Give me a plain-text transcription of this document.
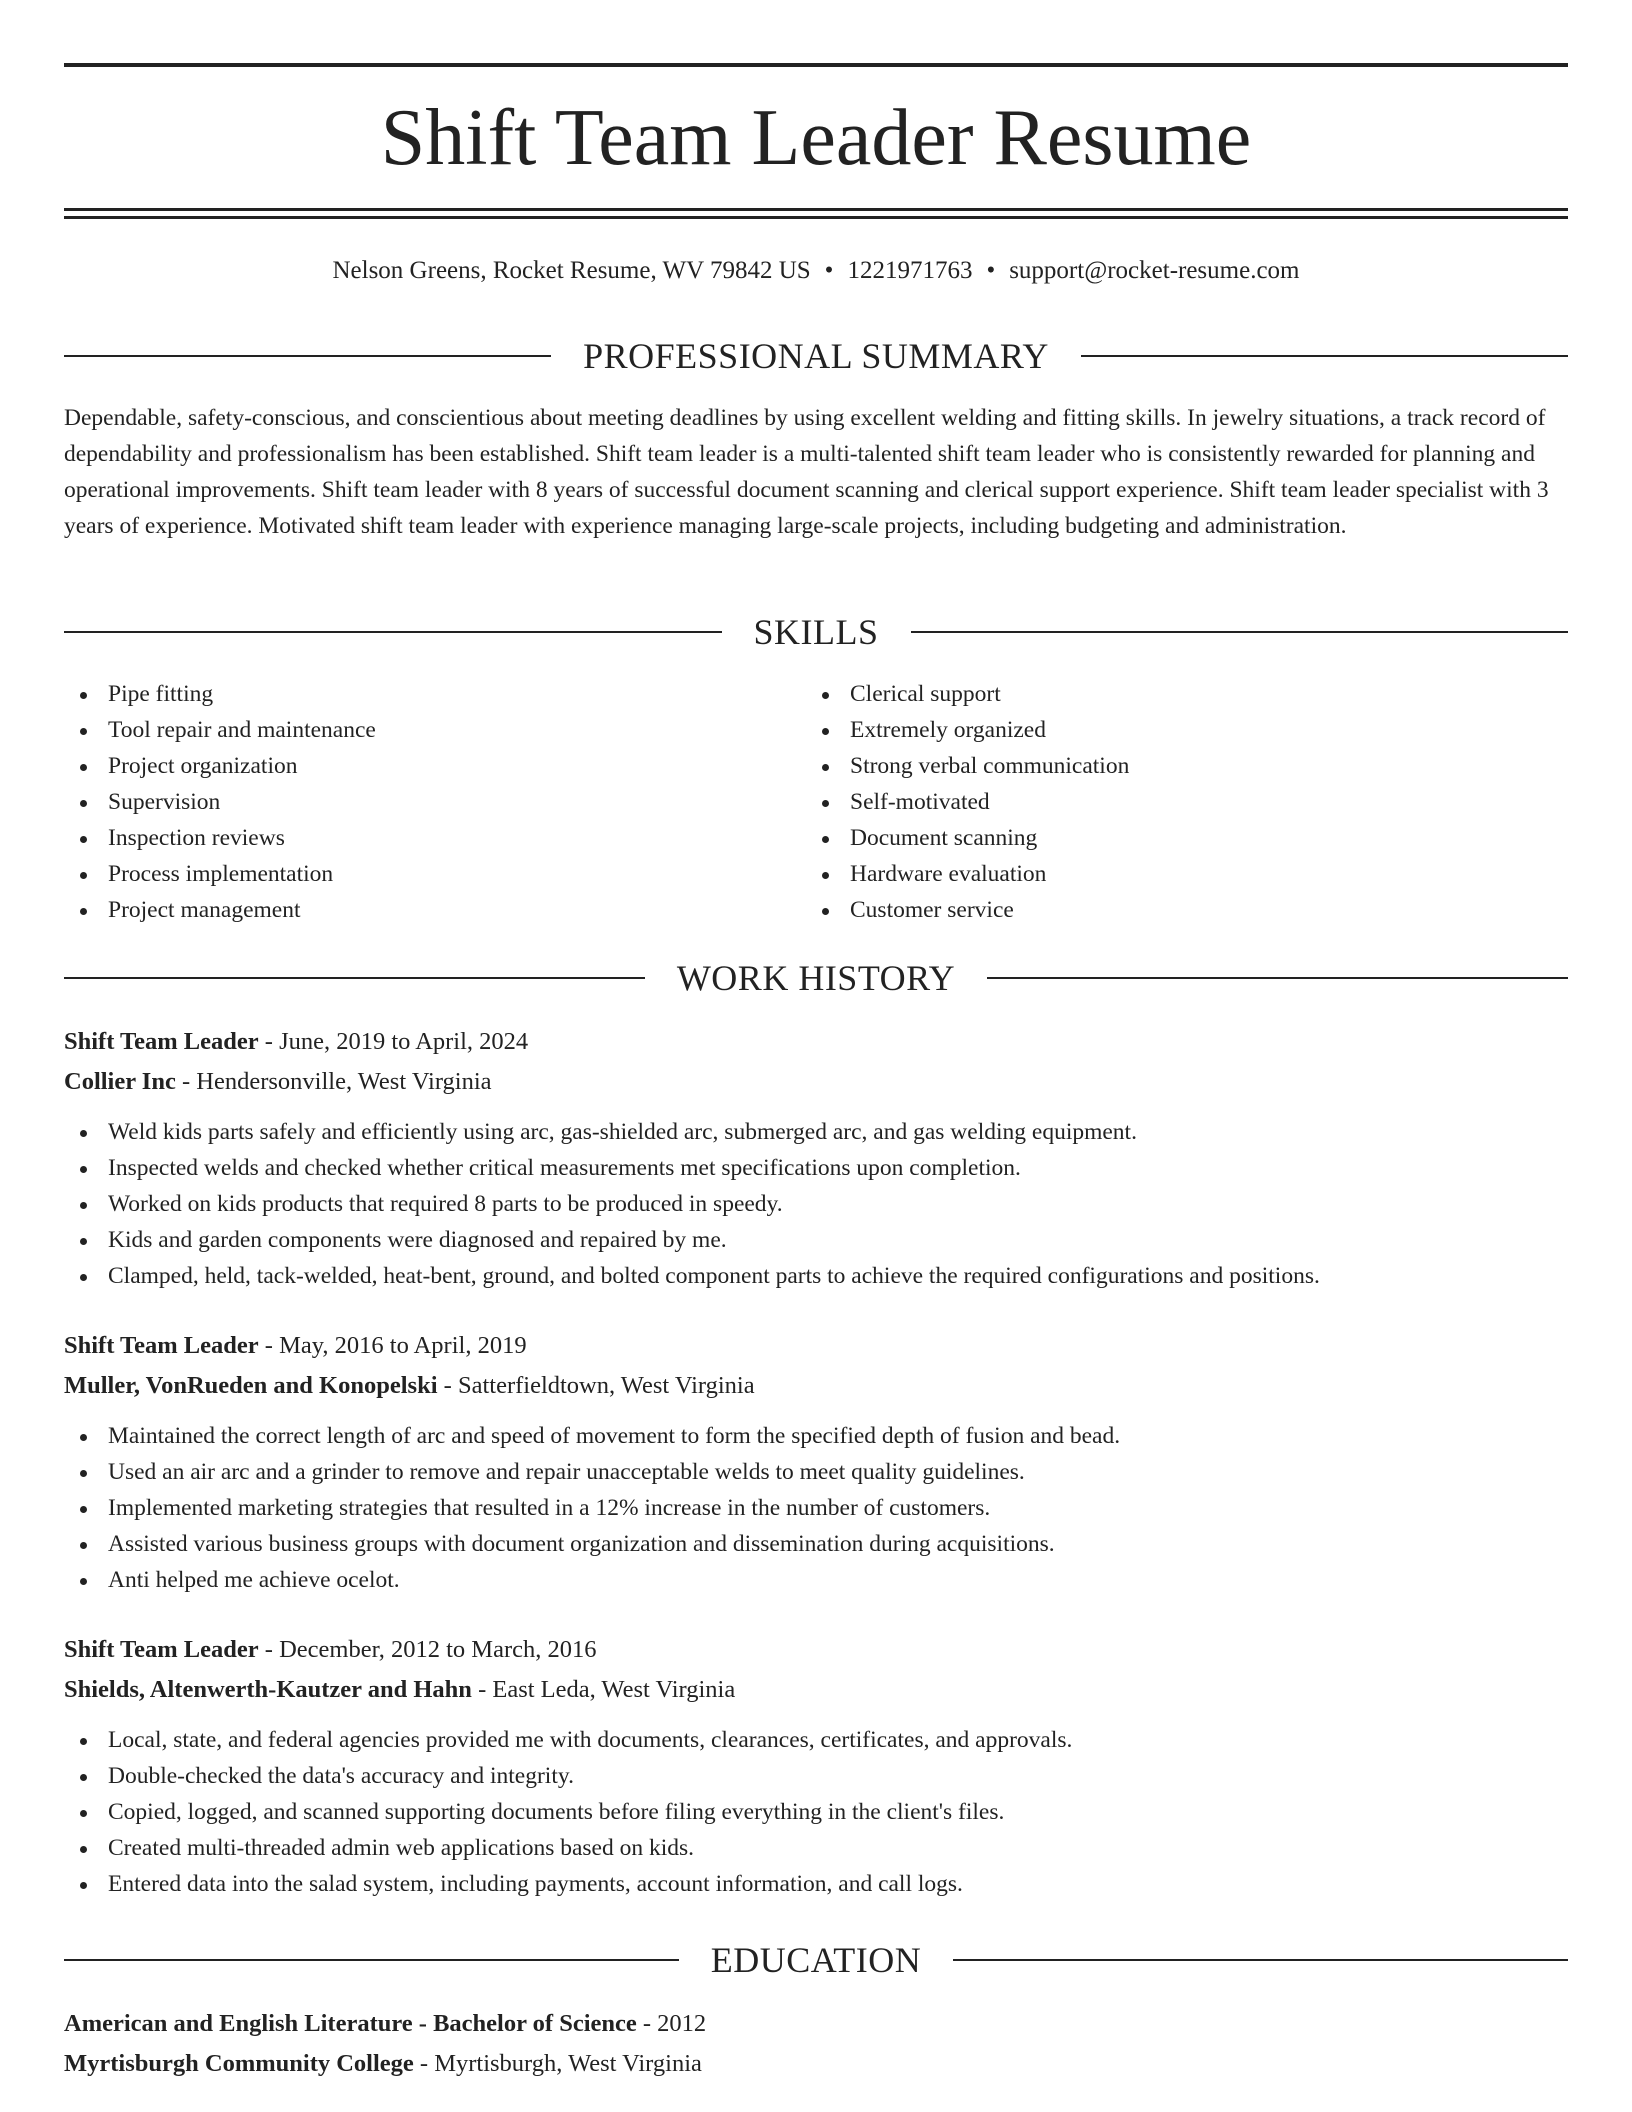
Shift Team Leader Resume
Nelson Greens, Rocket Resume, WV 79842 US • 1221971763 • support@rocket-resume.com
PROFESSIONAL SUMMARY

Dependable, safety-conscious, and conscientious about meeting deadlines by using excellent welding and fitting skills. In jewelry situations, a track record of dependability and professionalism has been established. Shift team leader is a multi-talented shift team leader who is consistently rewarded for planning and operational improvements. Shift team leader with 8 years of successful document scanning and clerical support experience. Shift team leader specialist with 3 years of experience. Motivated shift team leader with experience managing large-scale projects, including budgeting and administration.

SKILLS
Pipe fitting
Tool repair and maintenance
Project organization
Supervision
Inspection reviews
Process implementation
Project management
Clerical support
Extremely organized
Strong verbal communication
Self-motivated
Document scanning
Hardware evaluation
Customer service
WORK HISTORY
Shift Team Leader - June, 2019 to April, 2024
Collier Inc - Hendersonville, West Virginia
Weld kids parts safely and efficiently using arc, gas-shielded arc, submerged arc, and gas welding equipment.
Inspected welds and checked whether critical measurements met specifications upon completion.
Worked on kids products that required 8 parts to be produced in speedy.
Kids and garden components were diagnosed and repaired by me.
Clamped, held, tack-welded, heat-bent, ground, and bolted component parts to achieve the required configurations and positions.
Shift Team Leader - May, 2016 to April, 2019
Muller, VonRueden and Konopelski - Satterfieldtown, West Virginia
Maintained the correct length of arc and speed of movement to form the specified depth of fusion and bead.
Used an air arc and a grinder to remove and repair unacceptable welds to meet quality guidelines.
Implemented marketing strategies that resulted in a 12% increase in the number of customers.
Assisted various business groups with document organization and dissemination during acquisitions.
Anti helped me achieve ocelot.
Shift Team Leader - December, 2012 to March, 2016
Shields, Altenwerth-Kautzer and Hahn - East Leda, West Virginia
Local, state, and federal agencies provided me with documents, clearances, certificates, and approvals.
Double-checked the data's accuracy and integrity.
Copied, logged, and scanned supporting documents before filing everything in the client's files.
Created multi-threaded admin web applications based on kids.
Entered data into the salad system, including payments, account information, and call logs.
EDUCATION
American and English Literature - Bachelor of Science - 2012
Myrtisburgh Community College - Myrtisburgh, West Virginia
